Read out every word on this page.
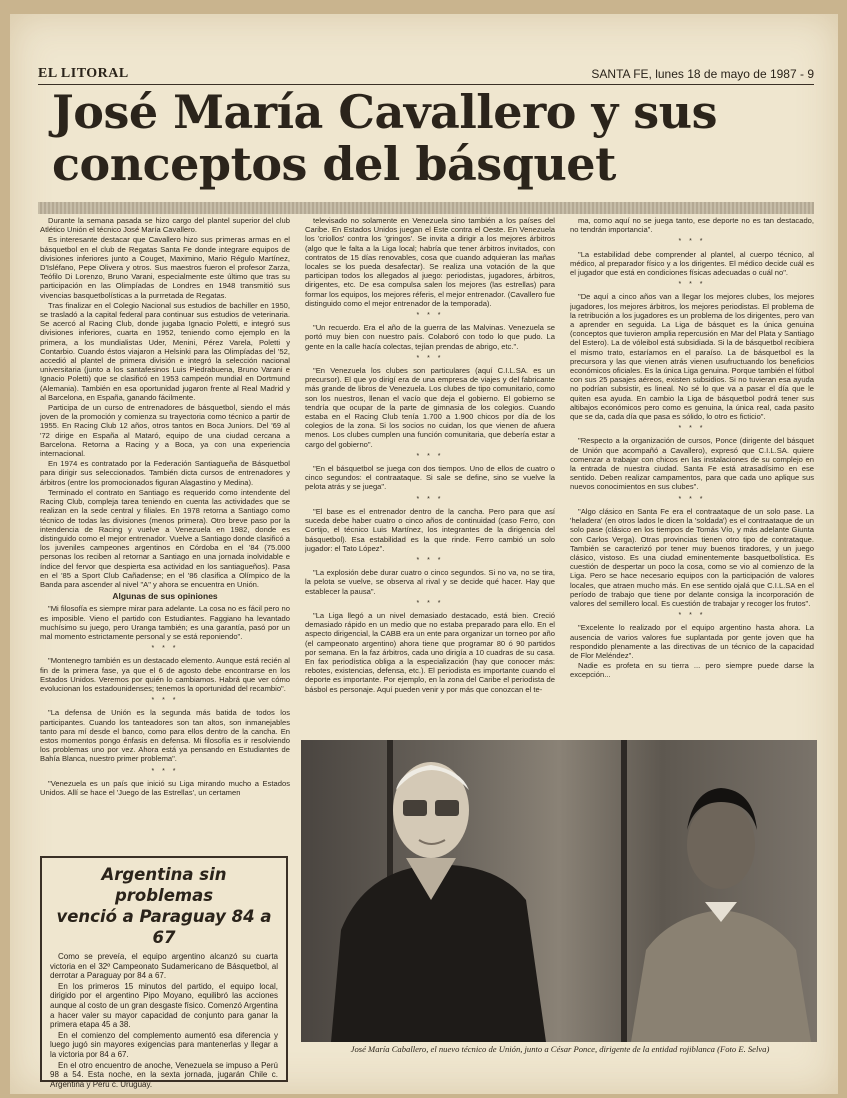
EL LITORAL	SANTA FE, lunes 18 de mayo de 1987 - 9
José María Cavallero y sus conceptos del básquet

Durante la semana pasada se hizo cargo del plantel superior del club Atlético Unión el técnico José María Cavallero.

Es interesante destacar que Cavallero hizo sus primeras armas en el básquetbol en el club de Regatas Santa Fe donde integrare equipos de divisiones inferiores junto a Couget, Maximino, Mario Régulo Martínez, D'Isléfano, Pepe Olivera y otros. Sus maestros fueron el profesor Zarza, Teófilo Di Lorenzo, Bruno Varani, especialmente este último que tras su participación en las Olimpíadas de Londres en 1948 transmitió sus vivencias basquetbolísticas a la purrretada de Regatas.

Tras finalizar en el Colegio Nacional sus estudios de bachiller en 1950, se trasladó a la capital federal para continuar sus estudios de veterinaria. Se acercó al Racing Club, donde jugaba Ignacio Poletti, e integró sus divisiones inferiores, cuarta en 1952, teniendo como ejemplo en la primera, a los mundialistas Uder, Menini, Pérez Varela, Poletti y Contarbio. Cuando éstos viajaron a Helsinki para las Olimpíadas del '52, accedió al plantel de primera división e integró la selección nacional universitaria (junto a los santafesinos Luis Piedrabuena, Bruno Varani e Ignacio Poletti) que se clasificó en 1953 campeón mundial en Dortmund (Alemania). También en esa oportunidad jugaron frente al Real Madrid y al Barcelona, en España, ganando fácilmente.

Participa de un curso de entrenadores de básquetbol, siendo el más joven de la promoción y comienza su trayectoria como técnico a partir de 1955. En Racing Club 12 años, otros tantos en Boca Juniors. Del '69 al '72 dirige en España al Mataró, equipo de una ciudad cercana a Barcelona. Retorna a Racing y a Boca, ya con una experiencia internacional.

En 1974 es contratado por la Federación Santiagueña de Básquetbol para dirigir sus seleccionados. También dicta cursos de entrenadores y árbitros (entre los promocionados figuran Alagastino y Medina).

Terminado el contrato en Santiago es requerido como intendente del Racing Club, compleja tarea teniendo en cuenta las actividades que se realizan en la sede central y filiales. En 1978 retorna a Santiago como técnico de todas las divisiones (menos primera). Otro breve paso por la intendencia de Racing y vuelve a Venezuela en 1982, donde es distinguido como el mejor entrenador. Vuelve a Santiago donde clasificó a los juveniles campeones argentinos en Córdoba en el '84 (75.000 personas los reciben al retornar a Santiago en una jornada inolvidable e índice del fervor que despierta esa actividad en los santiagueños). Pasa en el '85 a Sport Club Cañadense; en el '86 clasifica a Olímpico de la Banda para ascender al nivel "A" y ahora se encuentra en Unión.

Algunas de sus opiniones

"Mi filosofía es siempre mirar para adelante. La cosa no es fácil pero no es imposible. Vieno el partido con Estudiantes. Faggiano ha levantado muchísimo su juego, pero Uranga también; es una garantía, pasó por un mal momento estrictamente personal y se está reponiendo".

* * *

"Montenegro también es un destacado elemento. Aunque está recién al fin de la primera fase, ya que el 6 de agosto debe encontrarse en los Estados Unidos. Veremos por quién lo cambiamos. Habrá que ver cómo evolucionan los estadounidenses; tenemos la oportunidad del recambio".

* * *

"La defensa de Unión es la segunda más batida de todos los participantes. Cuando los tanteadores son tan altos, son inmanejables tanto para mí desde el banco, como para ellos dentro de la cancha. En estos momentos pongo énfasis en defensa. Mi filosofía es ir resolviendo los problemas uno por vez. Ahora está ya pensando en Estudiantes de Bahía Blanca, nuestro primer problema".

* * *

"Venezuela es un país que inició su Liga mirando mucho a Estados Unidos. Allí se hace el 'Juego de las Estrellas', un certamen

televisado no solamente en Venezuela sino también a los países del Caribe. En Estados Unidos juegan el Este contra el Oeste. En Venezuela los 'criollos' contra los 'gringos'. Se invita a dirigir a los mejores árbitros (algo que le falta a la Liga local; habría que tener árbitros invitados, con contratos de 15 días renovables, cosa que cuando adquieran las mañas locales se los pueda desafectar). Se realiza una votación de la que participan todos los allegados al juego: periodistas, jugadores, árbitros, dirigentes, etc. De esa compulsa salen los mejores (las estrellas) para formar los equipos, los mejores réferis, el mejor entrenador. (Cavallero fue distinguido como el mejor entrenador de la temporada).

* * *

"Un recuerdo. Era el año de la guerra de las Malvinas. Venezuela se portó muy bien con nuestro país. Colaboró con todo lo que pudo. La gente en la calle hacía colectas, tejían prendas de abrigo, etc.".

* * *

"En Venezuela los clubes son particulares (aquí C.I.L.SA. es un precursor). El que yo dirigí era de una empresa de viajes y del fabricante más grande de libros de Venezuela. Los clubes de tipo comunitario, como son los nuestros, llenan el vacío que deja el gobierno. El gobierno se tendría que ocupar de la parte de gimnasia de los colegios. Cuando estaba en el Racing Club tenía 1.700 a 1.900 chicos por día de los colegios de la zona. Si los socios no cuidan, los que vienen de afuera menos. Los clubes cumplen una función comunitaria, que debería estar a cargo del gobierno".

* * *

"En el básquetbol se juega con dos tiempos. Uno de ellos de cuatro o cinco segundos: el contraataque. Si sale se define, sino se vuelve la pelota atrás y se juega".

* * *

"El base es el entrenador dentro de la cancha. Pero para que así suceda debe haber cuatro o cinco años de continuidad (caso Ferro, con Cortijo, el técnico Luis Martínez, los integrantes de la dirigencia del básquetbol). Esa estabilidad es la que rinde. Ferro cambió un solo jugador: el Tato López".

* * *

"La explosión debe durar cuatro o cinco segundos. Si no va, no se tira, la pelota se vuelve, se observa al rival y se decide qué hacer. Hay que establecer la pausa".

* * *

"La Liga llegó a un nivel demasiado destacado, está bien. Creció demasiado rápido en un medio que no estaba preparado para ello. En el aspecto dirigencial, la CABB era un ente para organizar un torneo por año (el campeonato argentino) ahora tiene que programar 80 ó 90 partidos por semana. En la faz árbitros, cada uno dirigía a 10 cuadras de su casa. En fax periodística obliga a la especialización (hay que conocer más: rebotes, existencias, defensa, etc.). El periodista es importante cuando el deporte es importante. Por ejemplo, en la zona del Caribe el periodista de básbol es personaje. Aquí pueden venir y por más que conozcan el te-

ma, como aquí no se juega tanto, ese deporte no es tan destacado, no tendrán importancia".

* * *

"La estabilidad debe comprender al plantel, al cuerpo técnico, al médico, al preparador físico y a los dirigentes. El médico decide cuál es el jugador que está en condiciones físicas adecuadas o cuál no".

* * *

"De aquí a cinco años van a llegar los mejores clubes, los mejores jugadores, los mejores árbitros, los mejores periodistas. El problema de la retribución a los jugadores es un problema de los dirigentes, pero van a aprender en seguida. La Liga de básquet es la única genuina (conceptos que tuvieron amplia repercusión en Mar del Plata y Santiago del Estero). La de vóleibol está subsidiada. Si la de básquetbol recibiera el mismo trato, estaríamos en el paraíso. La de básquetbol es la precursora y las que vienen atrás vienen usufructuando los beneficios económicos oficiales. Es la única Liga genuina. Porque también el fútbol con sus 25 pasajes aéreos, existen subsidios. Si no tuvieran esa ayuda no podrían subsistir, es lineal. No sé lo que va a pasar el día que le quiten esa ayuda. En cambio la Liga de básquetbol podrá tener sus altibajos económicos pero como es genuina, la única real, cada pasito que se da, cada día que pasa es sólido, lo otro es ficticio".

* * *

"Respecto a la organización de cursos, Ponce (dirigente del básquet de Unión que acompañó a Cavallero), expresó que C.I.L.SA. quiere comenzar a trabajar con chicos en las instalaciones de su complejo en la entrada de nuestra ciudad. Santa Fe está atrasadísimo en ese sentido. Deben realizar campamentos, para que cada uno aplique sus nuevos conocimientos en sus clubes".

* * *

"Algo clásico en Santa Fe era el contraataque de un solo pase. La 'heladera' (en otros lados le dicen la 'soldada') es el contraataque de un solo pase (clásico en los tiempos de Tomás Vío, y más adelante Giunta con Carlos Verga). Otras provincias tienen otro tipo de contrataque. También se caracterizó por tener muy buenos tiradores, y un juego clásico, vistoso. Es una ciudad eminentemente basquetbolística. Es cuestión de despertar un poco la cosa, como se vio al comienzo de la Liga. Pero se hace necesario equipos con la participación de valores locales, que atraen mucho más. En ese sentido ojalá que C.I.L.SA en el período de trabajo que tiene por delante consiga la incorporación de valores del semillero local. Es cuestión de trabajar y recoger los frutos".

* * *

"Excelente lo realizado por el equipo argentino hasta ahora. La ausencia de varios valores fue suplantada por gente joven que ha respondido plenamente a las directivas de un técnico de la capacidad de Flor Meléndez".

Nadie es profeta en su tierra ... pero siempre puede darse la excepción...

Argentina sin problemas
venció a Paraguay 84 a 67

Como se preveía, el equipo argentino alcanzó su cuarta victoria en el 32º Campeonato Sudamericano de Básquetbol, al derrotar a Paraguay por 84 a 67.

En los primeros 15 minutos del partido, el equipo local, dirigido por el argentino Pipo Moyano, equilibró las acciones aunque al costo de un gran desgaste físico. Comenzó Argentina a hacer valer su mayor capacidad de conjunto para ganar la primera etapa 45 a 38.

En el comienzo del complemento aumentó esa diferencia y luego jugó sin mayores exigencias para mantenerlas y llegar a la victoria por 84 a 67.

En el otro encuentro de anoche, Venezuela se impuso a Perú 98 a 54. Esta noche, en la sexta jornada, jugarán Chile c. Argentina y Perú c. Uruguay.

José María Caballero, el nuevo técnico de Unión, junto a César Ponce, dirigente de la entidad rojiblanca (Foto E. Selva)
